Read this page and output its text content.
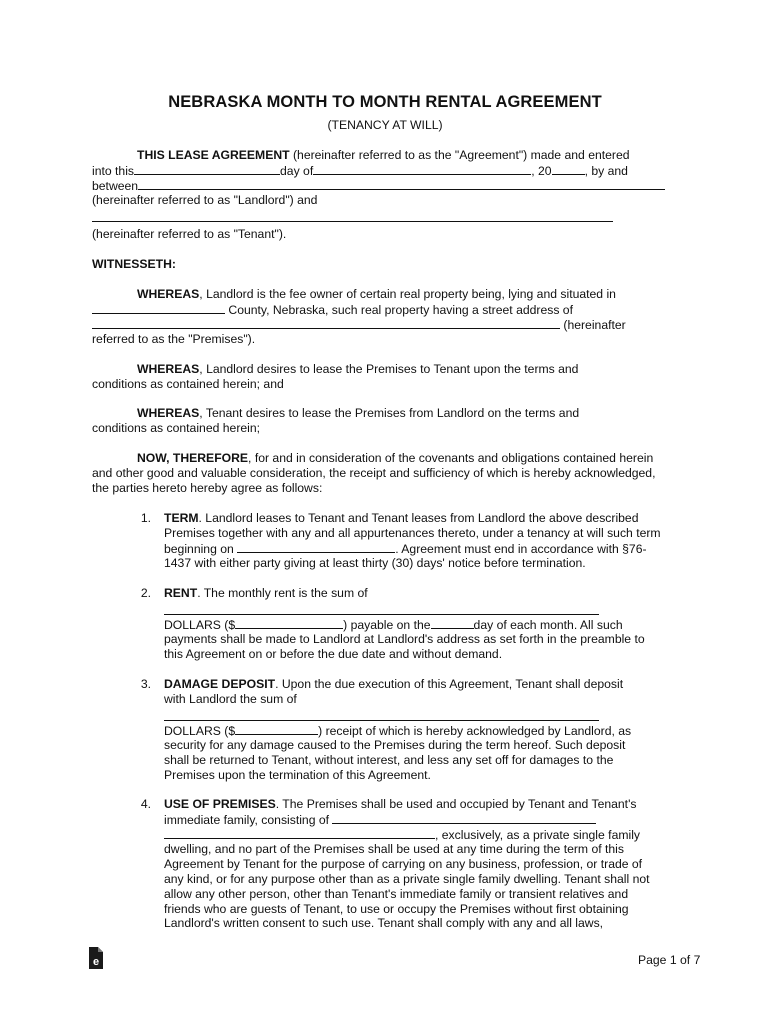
NEBRASKA MONTH TO MONTH RENTAL AGREEMENT
(TENANCY AT WILL)
THIS LEASE AGREEMENT (hereinafter referred to as the "Agreement") made and entered
into this	day of	, 20	, by and
between
(hereinafter referred to as "Landlord") and
(hereinafter referred to as "Tenant").
WITNESSETH:
WHEREAS, Landlord is the fee owner of certain real property being, lying and situated in
County, Nebraska, such real property having a street address of
(hereinafter
referred to as the "Premises").
WHEREAS, Landlord desires to lease the Premises to Tenant upon the terms and
conditions as contained herein; and
WHEREAS, Tenant desires to lease the Premises from Landlord on the terms and
conditions as contained herein;
NOW, THEREFORE, for and in consideration of the covenants and obligations contained herein
and other good and valuable consideration, the receipt and sufficiency of which is hereby acknowledged,
the parties hereto hereby agree as follows:
1. TERM. Landlord leases to Tenant and Tenant leases from Landlord the above described
Premises together with any and all appurtenances thereto, under a tenancy at will such term
beginning on	. Agreement must end in accordance with §76-
1437 with either party giving at least thirty (30) days' notice before termination.
2. RENT. The monthly rent is the sum of
DOLLARS ($	) payable on the	day of each month. All such
payments shall be made to Landlord at Landlord's address as set forth in the preamble to
this Agreement on or before the due date and without demand.
3. DAMAGE DEPOSIT. Upon the due execution of this Agreement, Tenant shall deposit
with Landlord the sum of
DOLLARS ($	) receipt of which is hereby acknowledged by Landlord, as
security for any damage caused to the Premises during the term hereof. Such deposit
shall be returned to Tenant, without interest, and less any set off for damages to the
Premises upon the termination of this Agreement.
4. USE OF PREMISES. The Premises shall be used and occupied by Tenant and Tenant's
immediate family, consisting of
, exclusively, as a private single family
dwelling, and no part of the Premises shall be used at any time during the term of this
Agreement by Tenant for the purpose of carrying on any business, profession, or trade of
any kind, or for any purpose other than as a private single family dwelling. Tenant shall not
allow any other person, other than Tenant's immediate family or transient relatives and
friends who are guests of Tenant, to use or occupy the Premises without first obtaining
Landlord's written consent to such use. Tenant shall comply with any and all laws,
e	Page 1 of 7
